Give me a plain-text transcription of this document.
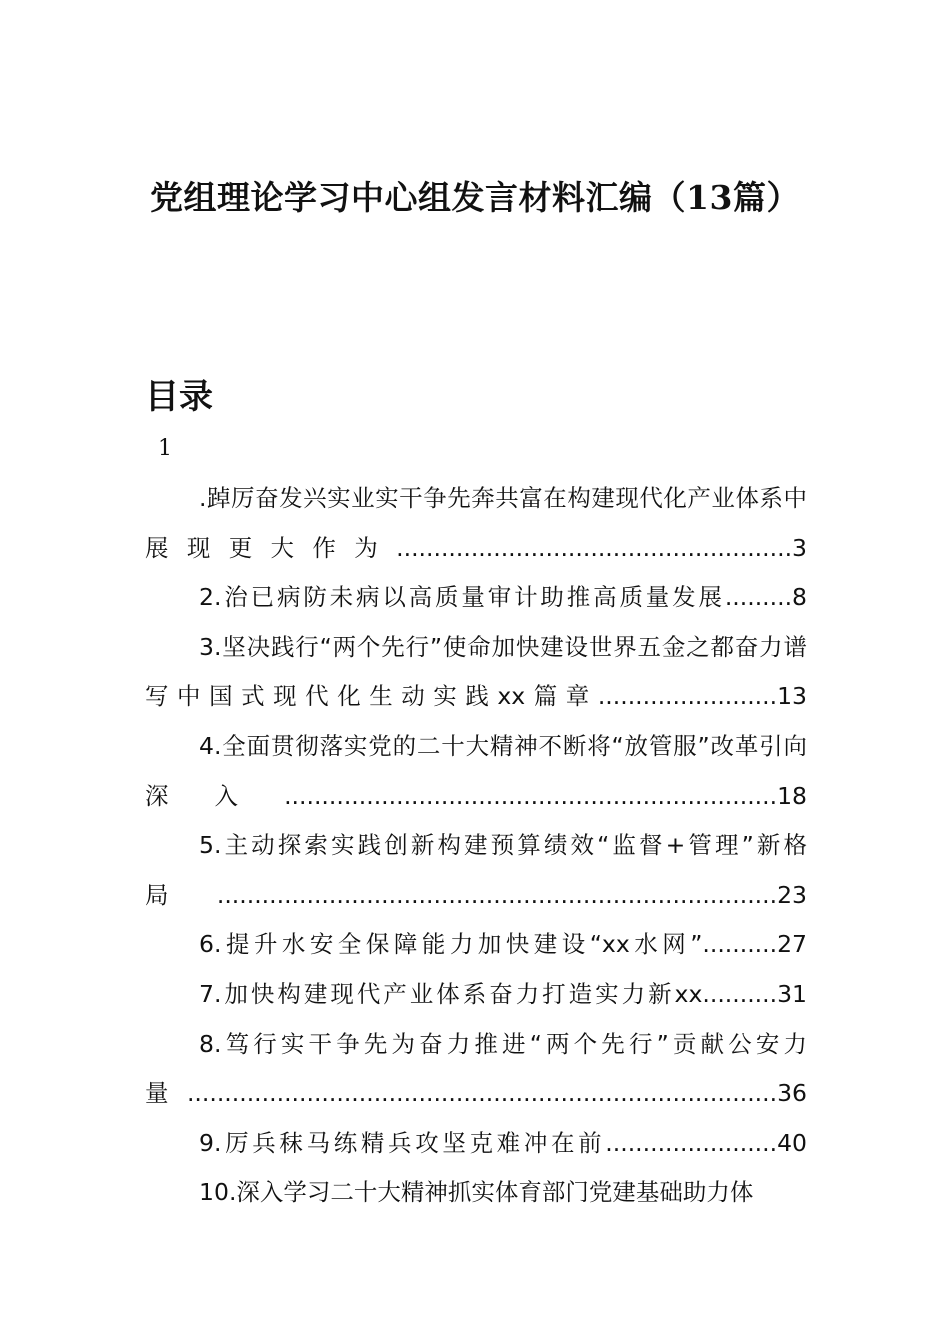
党组理论学习中心组发言材料汇编（13篇）
目录
1
.踔厉奋发兴实业实干争先奔共富在构建现代化产业体系中展现更大作为.....................................................3
2.治已病防未病以高质量审计助推高质量发展.........8
3.坚决践行“两个先行”使命加快建设世界五金之都奋力谱写中国式现代化生动实践xx篇章........................13
4.全面贯彻落实党的二十大精神不断将“放管服”改革引向深入..................................................................18
5.主动探索实践创新构建预算绩效“监督+管理”新格局...........................................................................23
6.提升水安全保障能力加快建设“xx水网”..........27
7.加快构建现代产业体系奋力打造实力新xx..........31
8.笃行实干争先为奋力推进“两个先行”贡献公安力量...............................................................................36
9.厉兵秣马练精兵攻坚克难冲在前.......................40
10.深入学习二十大精神抓实体育部门党建基础助力体
